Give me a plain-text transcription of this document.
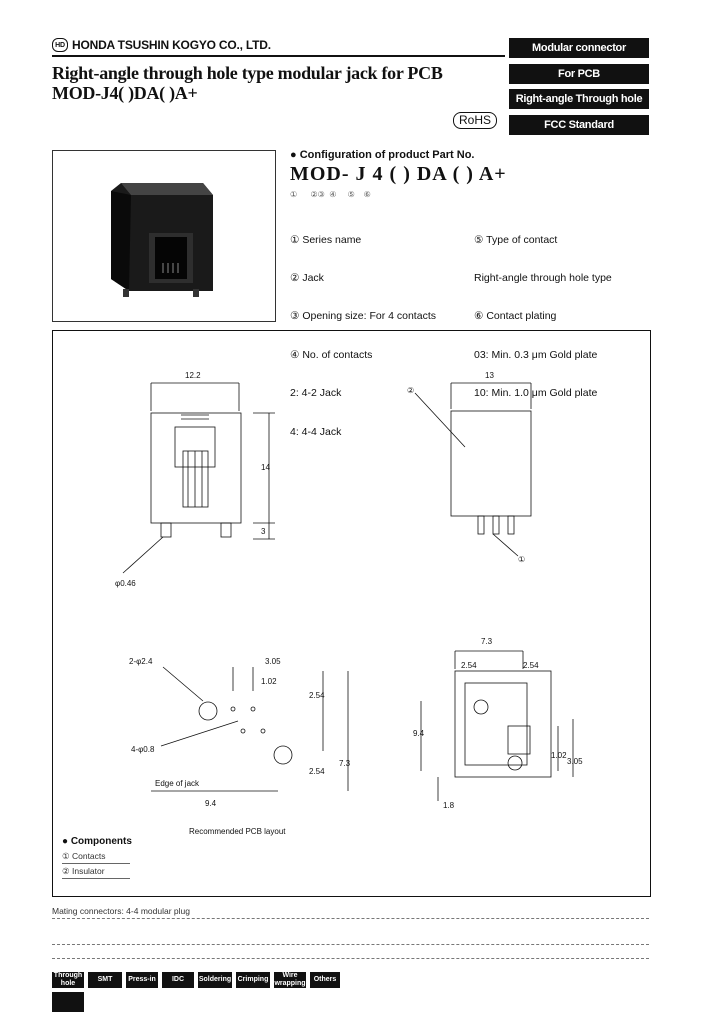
HD HONDA TSUSHIN KOGYO CO., LTD.
Right-angle through hole type modular jack for PCB
MOD-J4( )DA( )A+
RoHS
Modular connector
For PCB
Right-angle Through hole
FCC Standard
● Configuration of product Part No.
MOD- J 4 ( ) DA ( ) A+
①      ②③  ④     ⑤    ⑥

① Series name

② Jack

③ Opening size: For 4 contacts

④ No. of contacts

2: 4-2 Jack

4: 4-4 Jack

⑤ Type of contact

Right-angle through hole type

⑥ Contact plating

03: Min. 0.3 μm Gold plate

10: Min. 1.0 μm Gold plate

12.2
14
3
φ0.46
13
②
①
2-φ2.4	3.05
1.02
2.54
2.54
4-φ0.8
7.3
Edge of jack
9.4
Recommended PCB layout
7.3
2.54	2.54
9.4
1.02
3.05
1.8
● Components
① Contacts
② Insulator
Mating connectors: 4-4 modular plug
Through hole
SMT	Press-in	IDC	Soldering Crimping
Wire wrapping
Others
